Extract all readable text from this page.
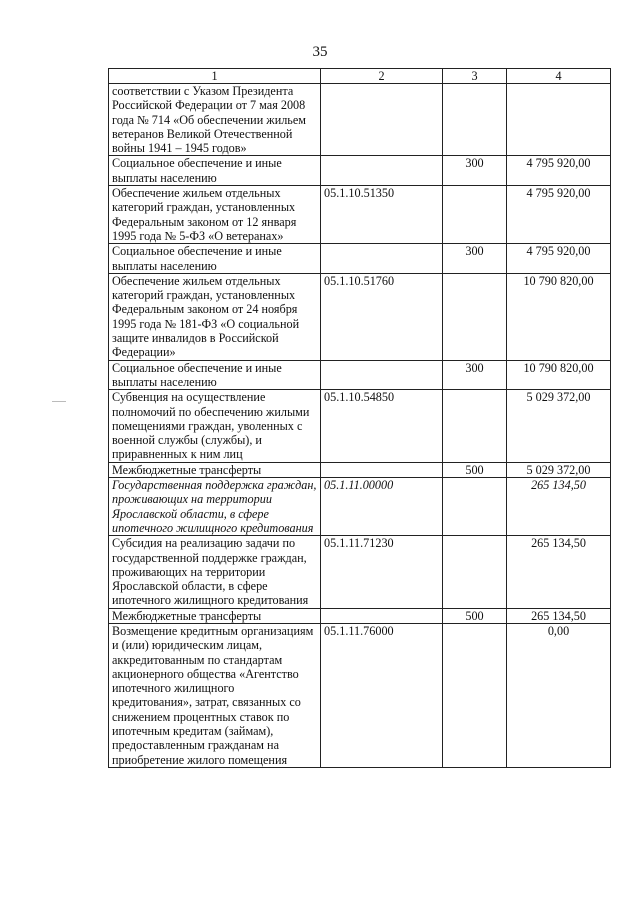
35
1	2	3	4
соответствии с Указом Президента Российской Федерации от 7 мая 2008 года № 714 «Об обеспечении жильем ветеранов Великой Отечественной войны 1941 – 1945 годов»			
Социальное обеспечение и иные выплаты населению		300	4 795 920,00
Обеспечение жильем отдельных категорий граждан, установленных Федеральным законом от 12 января 1995 года № 5-ФЗ «О ветеранах»	05.1.10.51350		4 795 920,00
Социальное обеспечение и иные выплаты населению		300	4 795 920,00
Обеспечение жильем отдельных категорий граждан, установленных Федеральным законом от 24 ноября 1995 года № 181-ФЗ «О социальной защите инвалидов в Российской Федерации»	05.1.10.51760		10 790 820,00
Социальное обеспечение и иные выплаты населению		300	10 790 820,00
Субвенция на осуществление полномочий по обеспечению жилыми помещениями граждан, уволенных с военной службы (службы), и приравненных к ним лиц	05.1.10.54850		5 029 372,00
Межбюджетные трансферты		500	5 029 372,00
Государственная поддержка граждан, проживающих на территории Ярославской области, в сфере ипотечного жилищного кредитования	05.1.11.00000		265 134,50
Субсидия на реализацию задачи по государственной поддержке граждан, проживающих на территории Ярославской области, в сфере ипотечного жилищного кредитования	05.1.11.71230		265 134,50
Межбюджетные трансферты		500	265 134,50
Возмещение кредитным организациям и (или) юридическим лицам, аккредитованным по стандартам акционерного общества «Агентство ипотечного жилищного кредитования», затрат, связанных со снижением процентных ставок по ипотечным кредитам (займам), предоставленным гражданам на приобретение жилого помещения	05.1.11.76000		0,00
